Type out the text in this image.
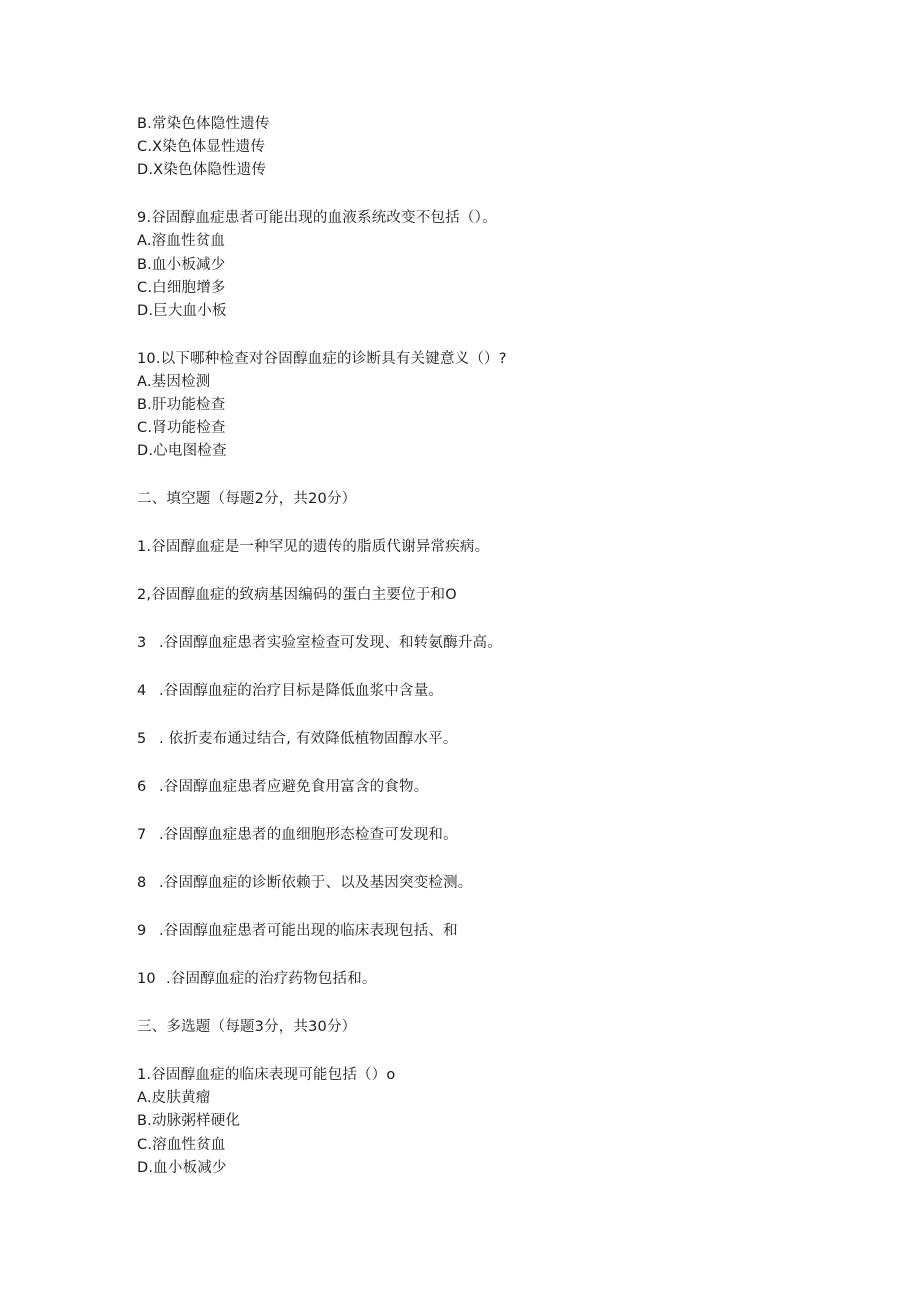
B.常染色体隐性遗传
C.X染色体显性遗传
D.X染色体隐性遗传
9.谷固醇血症患者可能出现的血液系统改变不包括（）。
A.溶血性贫血
B.血小板减少
C.白细胞增多
D.巨大血小板
10.以下哪种检查对谷固醇血症的诊断具有关键意义（）?
A.基因检测
B.肝功能检查
C.肾功能检查
D.心电图检查
二、填空题（每题2分，共20分）
1.谷固醇血症是一种罕见的遗传的脂质代谢异常疾病。
2,谷固醇血症的致病基因编码的蛋白主要位于和O
3 .谷固醇血症患者实验室检查可发现、和转氨酶升高。
4 .谷固醇血症的治疗目标是降低血浆中含量。
5 . 依折麦布通过结合, 有效降低植物固醇水平。
6 .谷固醇血症患者应避免食用富含的食物。
7 .谷固醇血症患者的血细胞形态检查可发现和。
8 .谷固醇血症的诊断依赖于、以及基因突变检测。
9 .谷固醇血症患者可能出现的临床表现包括、和
10 .谷固醇血症的治疗药物包括和。
三、多选题（每题3分，共30分）
1.谷固醇血症的临床表现可能包括（）o
A.皮肤黄瘤
B.动脉粥样硬化
C.溶血性贫血
D.血小板减少
